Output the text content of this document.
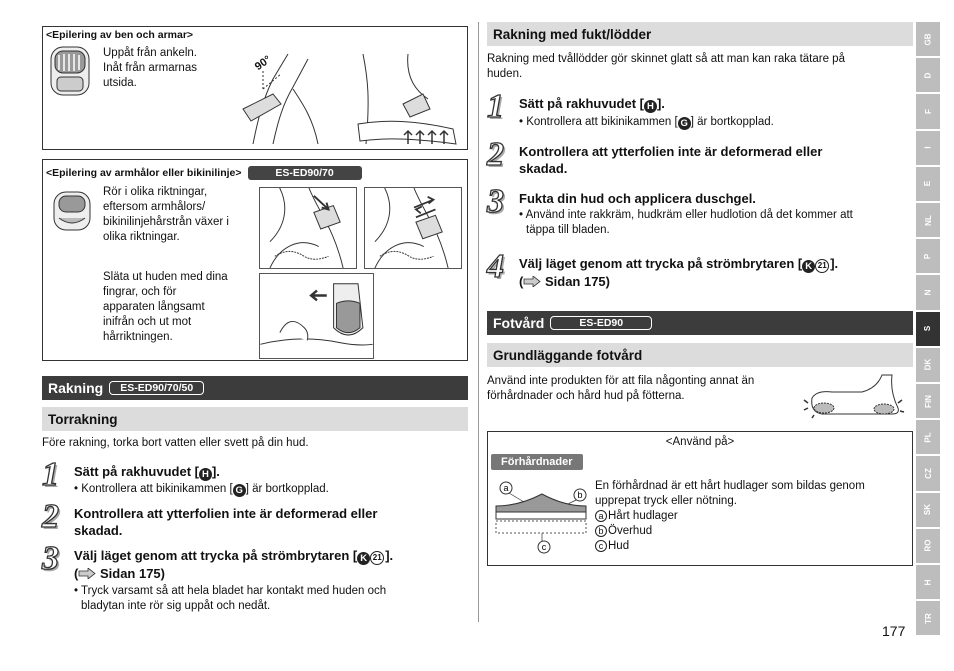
<Epilering av ben och armar>
Uppåt från ankeln.
Inåt från armarnas
utsida.
90°
<Epilering av armhålor eller bikinilinje>	ES-ED90/70
Rör i olika riktningar,
eftersom armhålors/
bikinilinjehårstrån växer i
olika riktningar.
Släta ut huden med dina
fingrar, och för
apparaten långsamt
inifrån och ut mot
hårriktningen.
Rakning	ES-ED90/70/50
Torrakning
Före rakning, torka bort vatten eller svett på din hud.
1 Sätt på rakhuvudet [ H ].
• Kontrollera att bikinikammen [ G ] är bortkopplad.
2 Kontrollera att ytterfolien inte är deformerad eller
skadad.
3 Välj läget genom att trycka på strömbrytaren [ K 21 ].
( Sidan 175)
• Tryck varsamt så att hela bladet har kontakt med huden och
bladytan inte rör sig uppåt och nedåt.
Rakning med fukt/lödder
Rakning med tvållödder gör skinnet glatt så att man kan raka tätare på
huden.
1 Sätt på rakhuvudet [ H ].
• Kontrollera att bikinikammen [ G ] är bortkopplad.
2 Kontrollera att ytterfolien inte är deformerad eller
skadad.
3 Fukta din hud och applicera duschgel.
• Använd inte rakkräm, hudkräm eller hudlotion då det kommer att
täppa till bladen.
4 Välj läget genom att trycka på strömbrytaren [ K 21 ].
( Sidan 175)
Fotvård	ES-ED90
Grundläggande fotvård
Använd inte produkten för att fila någonting annat än
förhårdnader och hård hud på fötterna.
<Använd på>
Förhårdnader
a
b
c
En förhårdnad är ett hårt hudlager som bildas genom
upprepat tryck eller nötning.
a Hårt hudlager
b Överhud
c Hud
GB
D
F
I
E
NL
P
N
S
DK
FIN
PL
CZ
SK
RO
H
TR
177
